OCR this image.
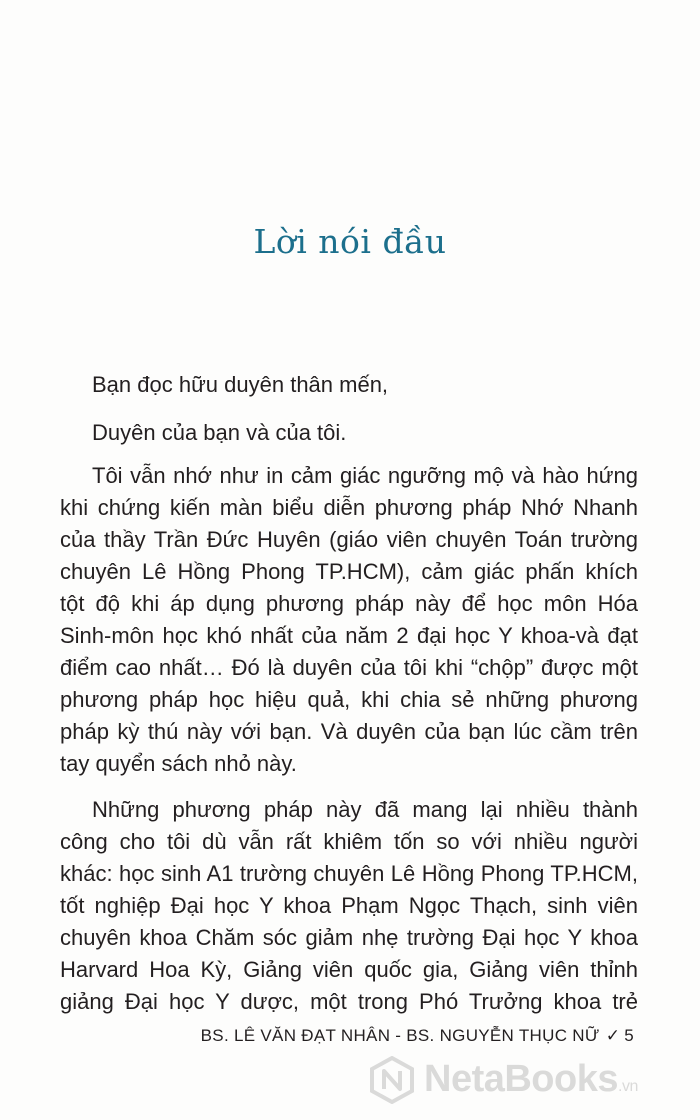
Lời nói đầu
Bạn đọc hữu duyên thân mến,
Duyên của bạn và của tôi.
Tôi vẫn nhớ như in cảm giác ngưỡng mộ và hào hứng
khi chứng kiến màn biểu diễn phương pháp Nhớ Nhanh
của thầy Trần Đức Huyên (giáo viên chuyên Toán trường
chuyên Lê Hồng Phong TP.HCM), cảm giác phấn khích
tột độ khi áp dụng phương pháp này để học môn Hóa
Sinh-môn học khó nhất của năm 2 đại học Y khoa-và đạt
điểm cao nhất… Đó là duyên của tôi khi “chộp” được một
phương pháp học hiệu quả, khi chia sẻ những phương
pháp kỳ thú này với bạn. Và duyên của bạn lúc cầm trên
tay quyển sách nhỏ này.
Những phương pháp này đã mang lại nhiều thành
công cho tôi dù vẫn rất khiêm tốn so với nhiều người
khác: học sinh A1 trường chuyên Lê Hồng Phong TP.HCM,
tốt nghiệp Đại học Y khoa Phạm Ngọc Thạch, sinh viên
chuyên khoa Chăm sóc giảm nhẹ trường Đại học Y khoa
Harvard Hoa Kỳ, Giảng viên quốc gia, Giảng viên thỉnh
giảng Đại học Y dược, một trong Phó Trưởng khoa trẻ
BS. LÊ VĂN ĐẠT NHÂN - BS. NGUYỄN THỤC NỮ ✓ 5
NetaBooks.vn
